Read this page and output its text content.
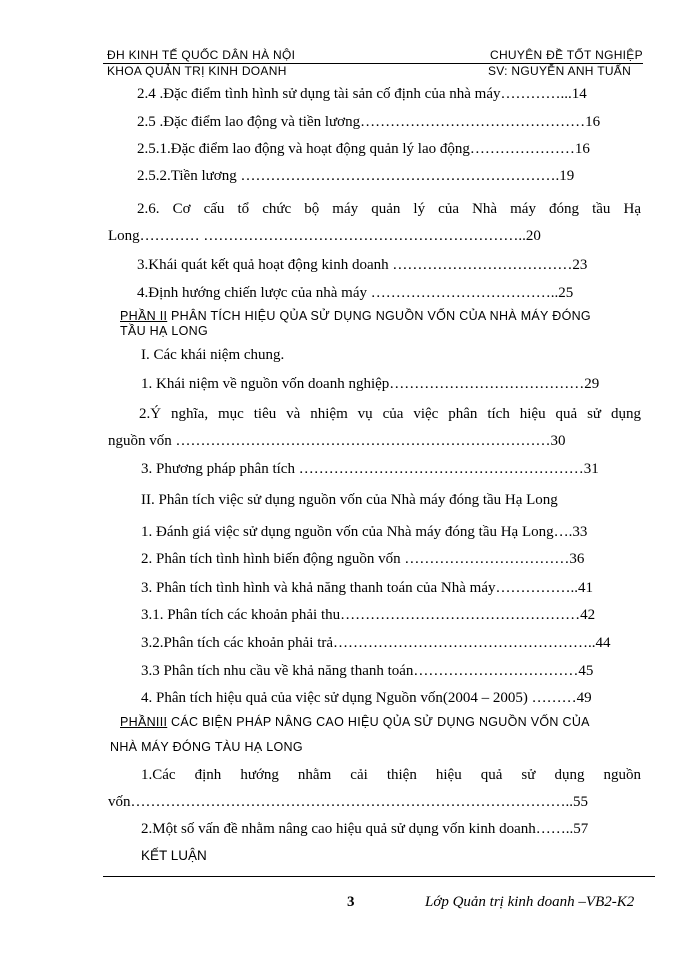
ĐH KINH TẾ QUỐC DÂN HÀ NỘI	CHUYÊN ĐỀ TỐT NGHIỆP
KHOA QUẢN TRỊ KINH DOANH	SV: NGUYỄN ANH TUẤN
2.4 .Đặc điểm tình hình sử dụng tài sản cố định của nhà máy…………...14
2.5 .Đặc điểm lao động và tiền lương………………………………………16
2.5.1.Đặc điểm lao động và hoạt động quản lý lao động…………………16
2.5.2.Tiền lương ……………………………………………………….19
2.6. Cơ cấu tổ chức bộ máy quản lý của Nhà máy đóng tầu Hạ
Long………… ………………………………………………………..20
3.Khái quát kết quả hoạt động kinh doanh ………………………………23
4.Định hướng chiến lược của nhà máy ………………………………..25
PHẦN II PHÂN TÍCH HIỆU QỦA SỬ DỤNG NGUỒN VỐN CỦA NHÀ MÁY ĐÓNG
TẦU HẠ LONG
I. Các khái niệm chung.
1. Khái niệm về nguồn vốn doanh nghiệp…………………………………29
2.Ý nghĩa, mục tiêu và nhiệm vụ của việc phân tích hiệu quả sử dụng
nguồn vốn …………………………………………………………………30
3. Phương pháp phân tích …………………………………………………31
II. Phân tích việc sử dụng nguồn vốn của Nhà máy đóng tầu Hạ Long
1. Đánh giá việc sử dụng nguồn vốn của Nhà máy đóng tầu Hạ Long….33
2. Phân tích tình hình biến động nguồn vốn ……………………………36
3. Phân tích tình hình và khả năng thanh toán của Nhà máy……………..41
3.1. Phân tích các khoản phải thu…………………………………………42
3.2.Phân tích các khoản phải trả……………………………………………..44
3.3 Phân tích nhu cầu về khả năng thanh toán……………………………45
4. Phân tích hiệu quả của việc sử dụng Nguồn vốn(2004 – 2005) ………49
PHẦNIII CÁC BIỆN PHÁP NÂNG CAO HIỆU QỦA SỬ DỤNG NGUỒN VỐN CỦA
NHÀ MÁY ĐÓNG TÀU HẠ LONG
1.Các định hướng nhằm cải thiện hiệu quả sử dụng nguồn
vốn……………………………………………………………………………..55
2.Một số vấn đề nhằm nâng cao hiệu quả sử dụng vốn kinh doanh……..57
KẾT LUẬN
3	Lớp Quản trị kinh doanh –VB2-K2
